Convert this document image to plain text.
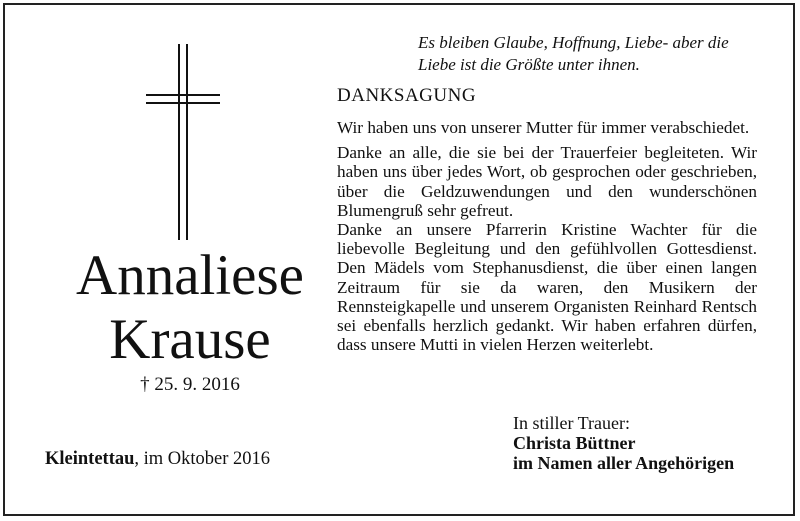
Es bleiben Glaube, Hoffnung, Liebe- aber die
Liebe ist die Größte unter ihnen.
DANKSAGUNG

Wir haben uns von unserer Mutter für immer verabschiedet.

Danke an alle, die sie bei der Trauerfeier begleiteten. Wir haben uns über jedes Wort, ob gesprochen oder geschrieben, über die Geldzuwendungen und den wunderschönen Blumengruß sehr gefreut.

Danke an unsere Pfarrerin Kristine Wachter für die liebevolle Begleitung und den gefühlvollen Gottesdienst. Den Mädels vom Stephanusdienst, die über einen langen Zeitraum für sie da waren, den Musikern der Rennsteigkapelle und unserem Organisten Reinhard Rentsch sei ebenfalls herzlich gedankt. Wir haben erfahren dürfen, dass unsere Mutti in vielen Herzen weiterlebt.

Annaliese
Krause
† 25. 9. 2016
Kleintettau, im Oktober 2016
In stiller Trauer:
Christa Büttner
im Namen aller Angehörigen
